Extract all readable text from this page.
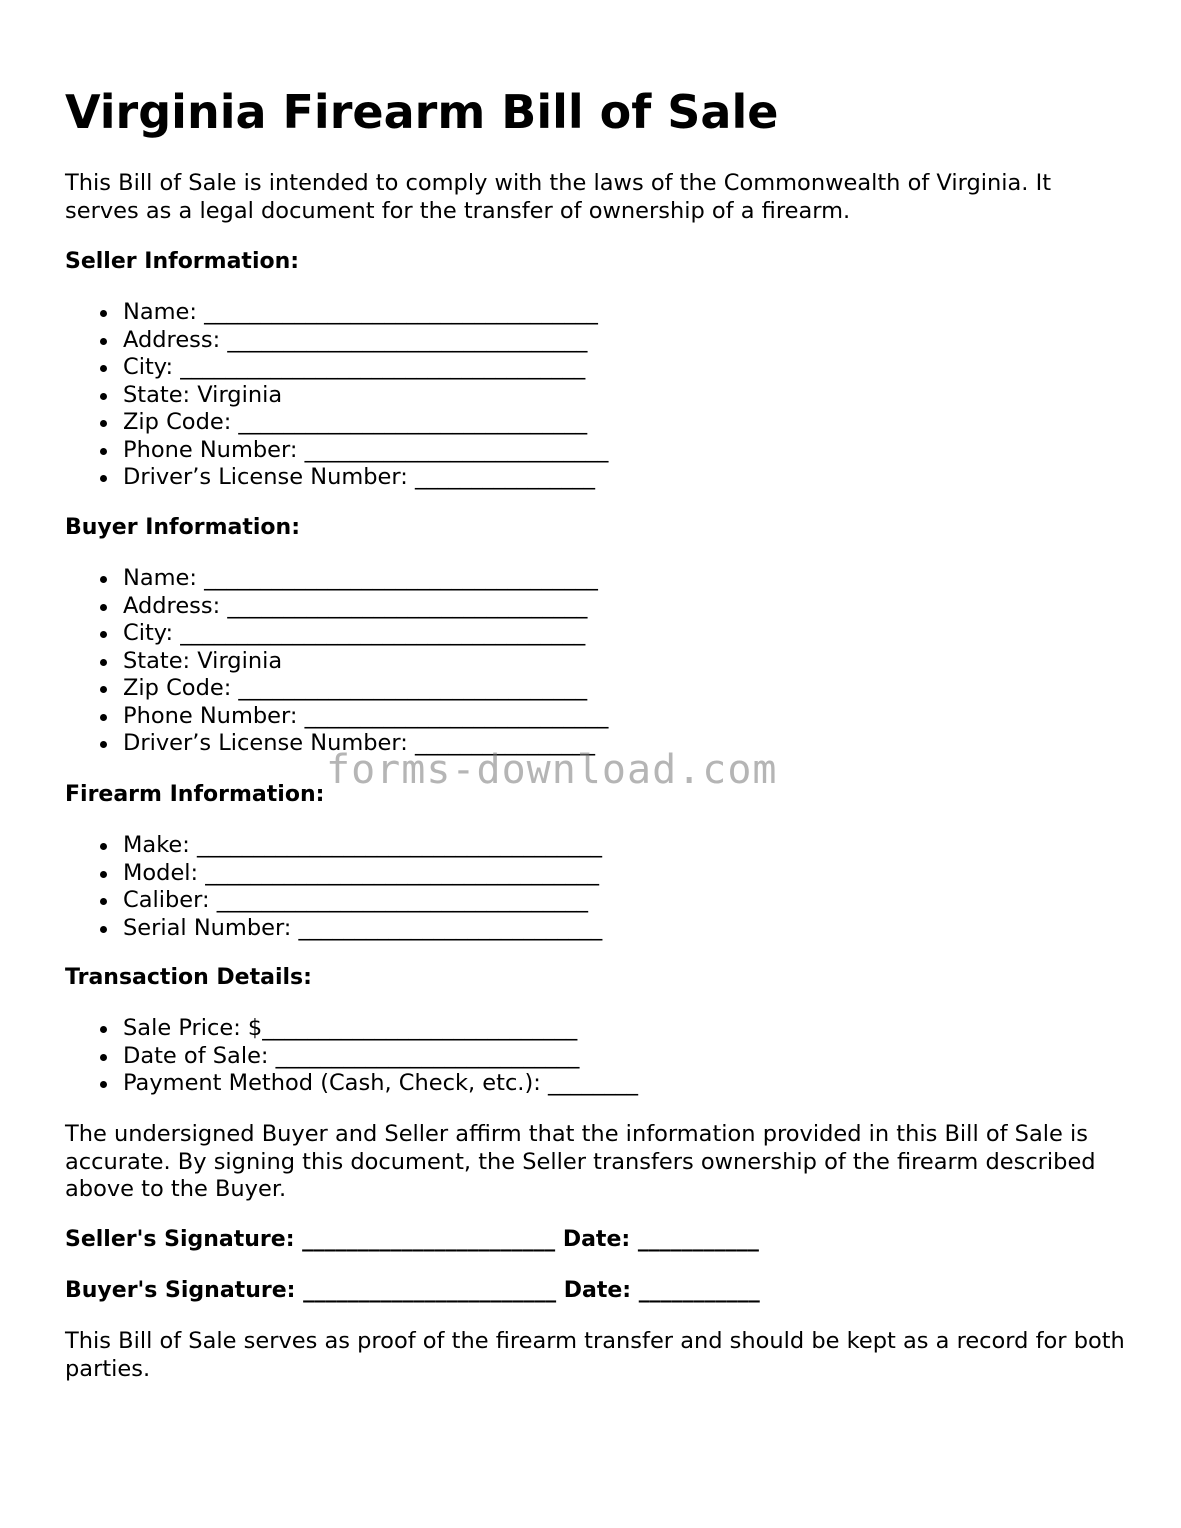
Virginia Firearm Bill of Sale

This Bill of Sale is intended to comply with the laws of the Commonwealth of Virginia. It serves as a legal document for the transfer of ownership of a firearm.

Seller Information:
Name: ___________________________________
Address: ________________________________
City: ____________________________________
State: Virginia
Zip Code: _______________________________
Phone Number: ___________________________
Driver’s License Number: ________________
Buyer Information:
Name: ___________________________________
Address: ________________________________
City: ____________________________________
State: Virginia
Zip Code: _______________________________
Phone Number: ___________________________
Driver’s License Number: ________________
Firearm Information:
Make: ____________________________________
Model: ___________________________________
Caliber: _________________________________
Serial Number: ___________________________
Transaction Details:
Sale Price: $____________________________
Date of Sale: ___________________________
Payment Method (Cash, Check, etc.): ________

The undersigned Buyer and Seller affirm that the information provided in this Bill of Sale is accurate. By signing this document, the Seller transfers ownership of the firearm described above to the Buyer.

Seller's Signature: _______________________ Date: ___________
Buyer's Signature: _______________________ Date: ___________

This Bill of Sale serves as proof of the firearm transfer and should be kept as a record for both parties.

forms-download.com
